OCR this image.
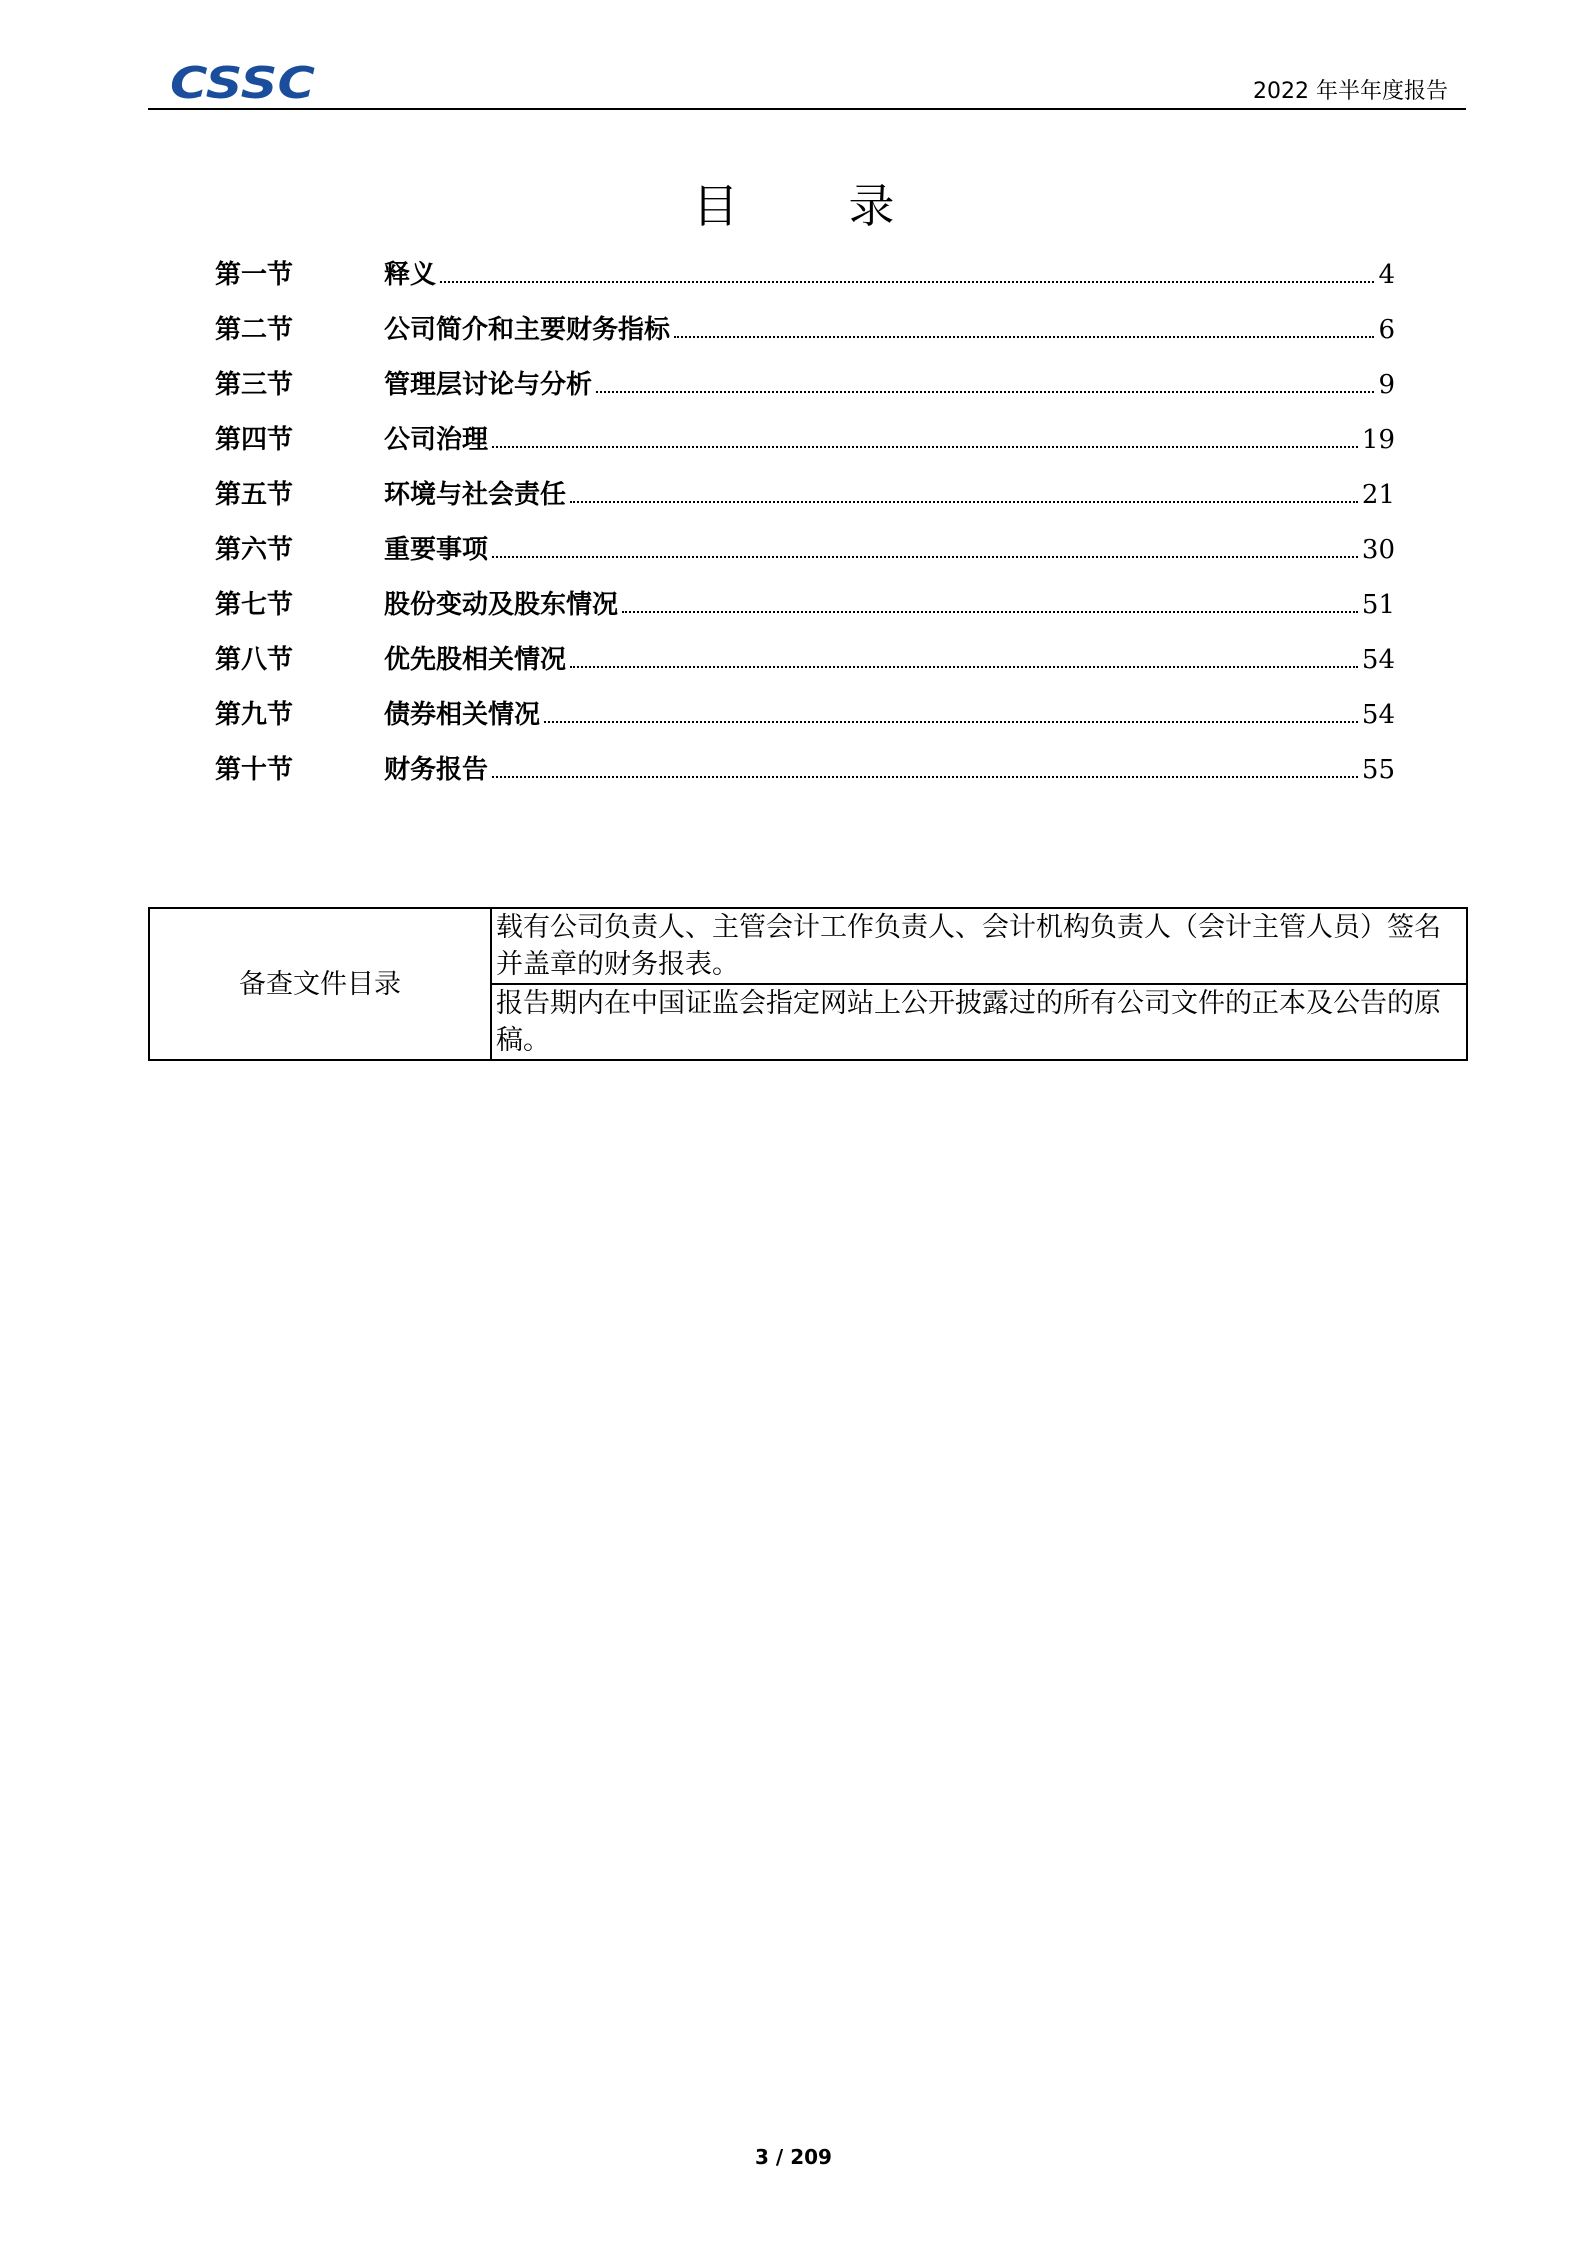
CSSC	2022 年半年度报告
目 录
第一节	释义	4
第二节	公司简介和主要财务指标	6
第三节	管理层讨论与分析	9
第四节	公司治理	19
第五节	环境与社会责任	21
第六节	重要事项	30
第七节	股份变动及股东情况	51
第八节	优先股相关情况	54
第九节	债券相关情况	54
第十节	财务报告	55
备查文件目录	载有公司负责人、主管会计工作负责人、会计机构负责人（会计主管人员）签名并盖章的财务报表。
报告期内在中国证监会指定网站上公开披露过的所有公司文件的正本及公告的原稿。
3 / 209
